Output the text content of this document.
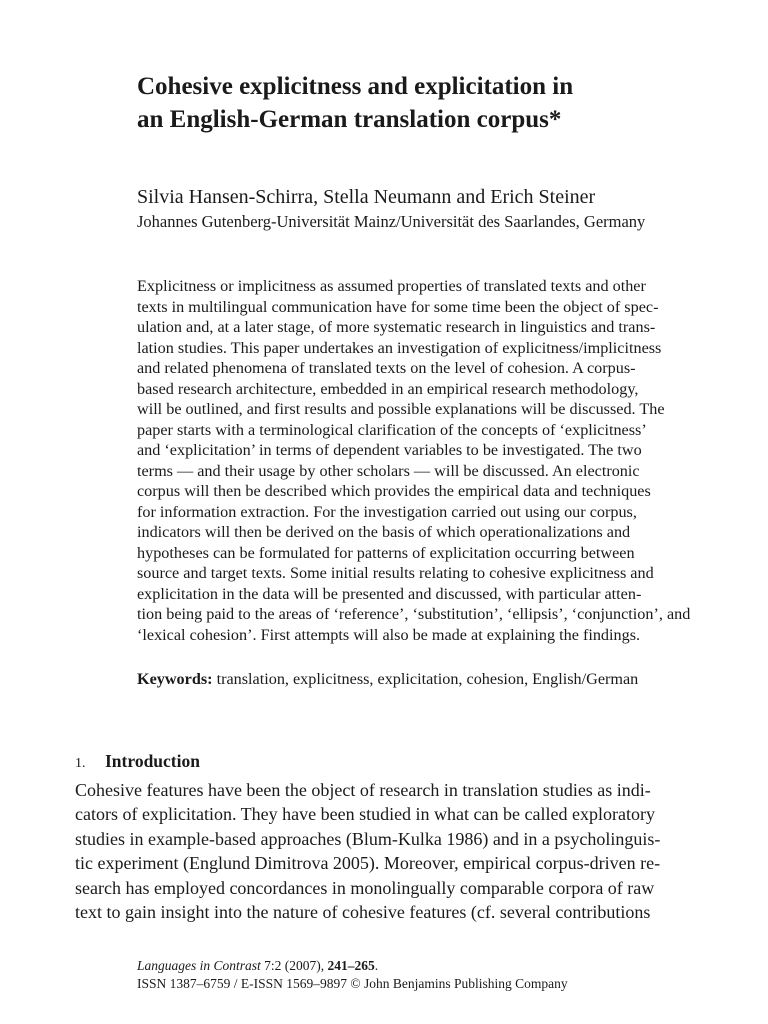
Cohesive explicitness and explicitation in
an English-German translation corpus*
Silvia Hansen-Schirra, Stella Neumann and Erich Steiner
Johannes Gutenberg-Universität Mainz/Universität des Saarlandes, Germany
Explicitness or implicitness as assumed properties of translated texts and other
texts in multilingual communication have for some time been the object of spec-
ulation and, at a later stage, of more systematic research in linguistics and trans-
lation studies. This paper undertakes an investigation of explicitness/implicitness
and related phenomena of translated texts on the level of cohesion. A corpus-
based research architecture, embedded in an empirical research methodology,
will be outlined, and first results and possible explanations will be discussed. The
paper starts with a terminological clarification of the concepts of ‘explicitness’
and ‘explicitation’ in terms of dependent variables to be investigated. The two
terms — and their usage by other scholars — will be discussed. An electronic
corpus will then be described which provides the empirical data and techniques
for information extraction. For the investigation carried out using our corpus,
indicators will then be derived on the basis of which operationalizations and
hypotheses can be formulated for patterns of explicitation occurring between
source and target texts. Some initial results relating to cohesive explicitness and
explicitation in the data will be presented and discussed, with particular atten-
tion being paid to the areas of ‘reference’, ‘substitution’, ‘ellipsis’, ‘conjunction’, and
‘lexical cohesion’. First attempts will also be made at explaining the findings.
Keywords: translation, explicitness, explicitation, cohesion, English/German
1. Introduction
Cohesive features have been the object of research in translation studies as indi-
cators of explicitation. They have been studied in what can be called exploratory
studies in example-based approaches (Blum-Kulka 1986) and in a psycholinguis-
tic experiment (Englund Dimitrova 2005). Moreover, empirical corpus-driven re-
search has employed concordances in monolingually comparable corpora of raw
text to gain insight into the nature of cohesive features (cf. several contributions
Languages in Contrast 7:2 (2007), 241–265.
ISSN 1387–6759 / E-ISSN 1569–9897 © John Benjamins Publishing Company
